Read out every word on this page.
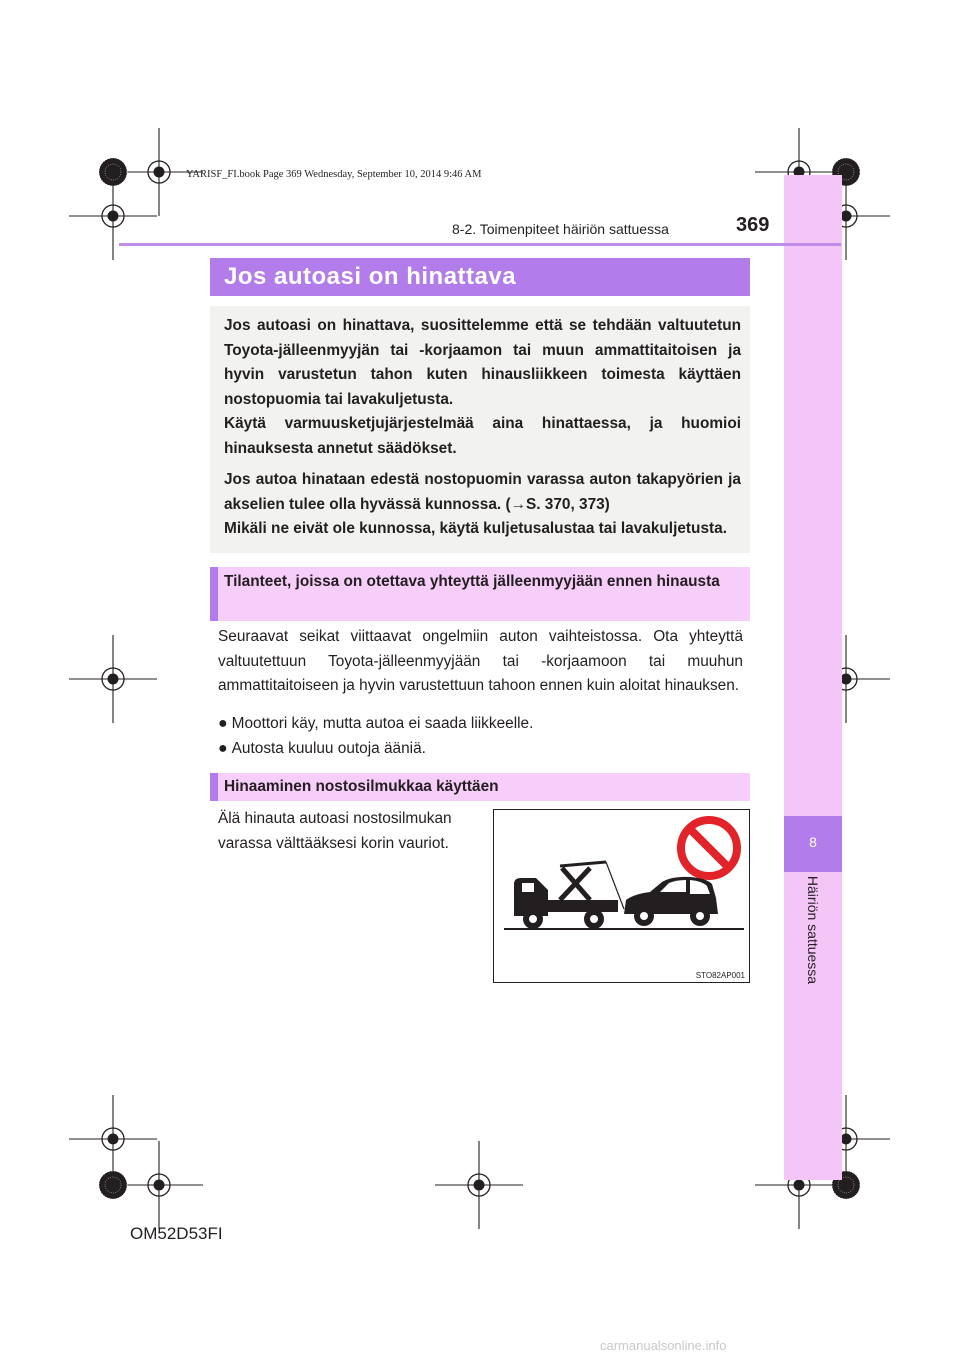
YARISF_FI.book Page 369 Wednesday, September 10, 2014 9:46 AM
8
Häiriön sattuessa
8-2. Toimenpiteet häiriön sattuessa	369
Jos autoasi on hinattava

Jos autoasi on hinattava, suosittelemme että se tehdään valtuutetun Toyota-jälleenmyyjän tai -korjaamon tai muun ammattitaitoisen ja hyvin varustetun tahon kuten hinausliikkeen toimesta käyttäen nostopuomia tai lavakuljetusta.

Käytä varmuusketjujärjestelmää aina hinattaessa, ja huomioi hinauksesta annetut säädökset.

Jos autoa hinataan edestä nostopuomin varassa auton takapyörien ja akselien tulee olla hyvässä kunnossa. (→S. 370, 373)

Mikäli ne eivät ole kunnossa, käytä kuljetusalustaa tai lavakuljetusta.

Tilanteet, joissa on otettava yhteyttä jälleenmyyjään ennen hinausta
Seuraavat seikat viittaavat ongelmiin auton vaihteistossa. Ota yhteyttä valtuutettuun Toyota-jälleenmyyjään tai -korjaamoon tai muuhun ammattitaitoiseen ja hyvin varustettuun tahoon ennen kuin aloitat hinauksen.
● Moottori käy, mutta autoa ei saada liikkeelle.
● Autosta kuuluu outoja ääniä.
Hinaaminen nostosilmukkaa käyttäen
Älä hinauta autoasi nostosilmukan varassa välttääksesi korin vauriot.
STO82AP001
OM52D53FI
carmanualsonline.info
